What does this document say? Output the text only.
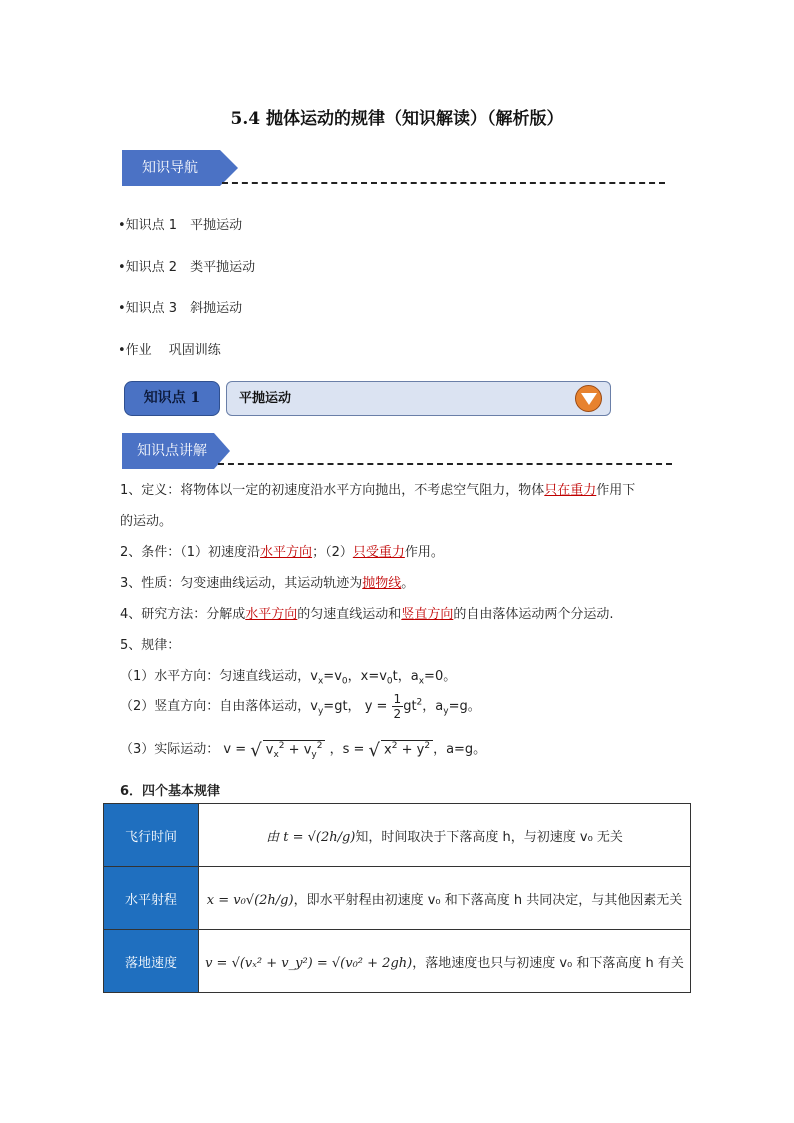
5.4 抛体运动的规律（知识解读）（解析版）
知识导航
•知识点 1　平抛运动
•知识点 2　类平抛运动
•知识点 3　斜抛运动
•作业　 巩固训练
知识点 1	平抛运动
知识点讲解
1、定义：将物体以一定的初速度沿水平方向抛出，不考虑空气阻力，物体只在重力作用下
的运动。
2、条件：（1）初速度沿水平方向；（2）只受重力作用。
3、性质：匀变速曲线运动，其运动轨迹为抛物线。
4、研究方法：分解成水平方向的匀速直线运动和竖直方向的自由落体运动两个分运动.
5、规律：
（1）水平方向：匀速直线运动，$v_x=v_0$，$x=v_0t$，$a_x=0$。
（2）竖直方向：自由落体运动，$v_y=gt$， $y = \frac{1}{2} gt^2$，$a_y=g$。
（3）实际运动： v = √ $v_x^2 + v_y^2$ ，s = √ $x^2 + y^2$ ，a=g。
6．四个基本规律
飞行时间	由 t = √(2h/g)知，时间取决于下落高度 h，与初速度 v₀ 无关
水平射程	x = v₀√(2h/g)，即水平射程由初速度 v₀ 和下落高度 h 共同决定，与其他因素无关
落地速度	v = √(vₓ² + v_y²) = √(v₀² + 2gh)，落地速度也只与初速度 v₀ 和下落高度 h 有关
